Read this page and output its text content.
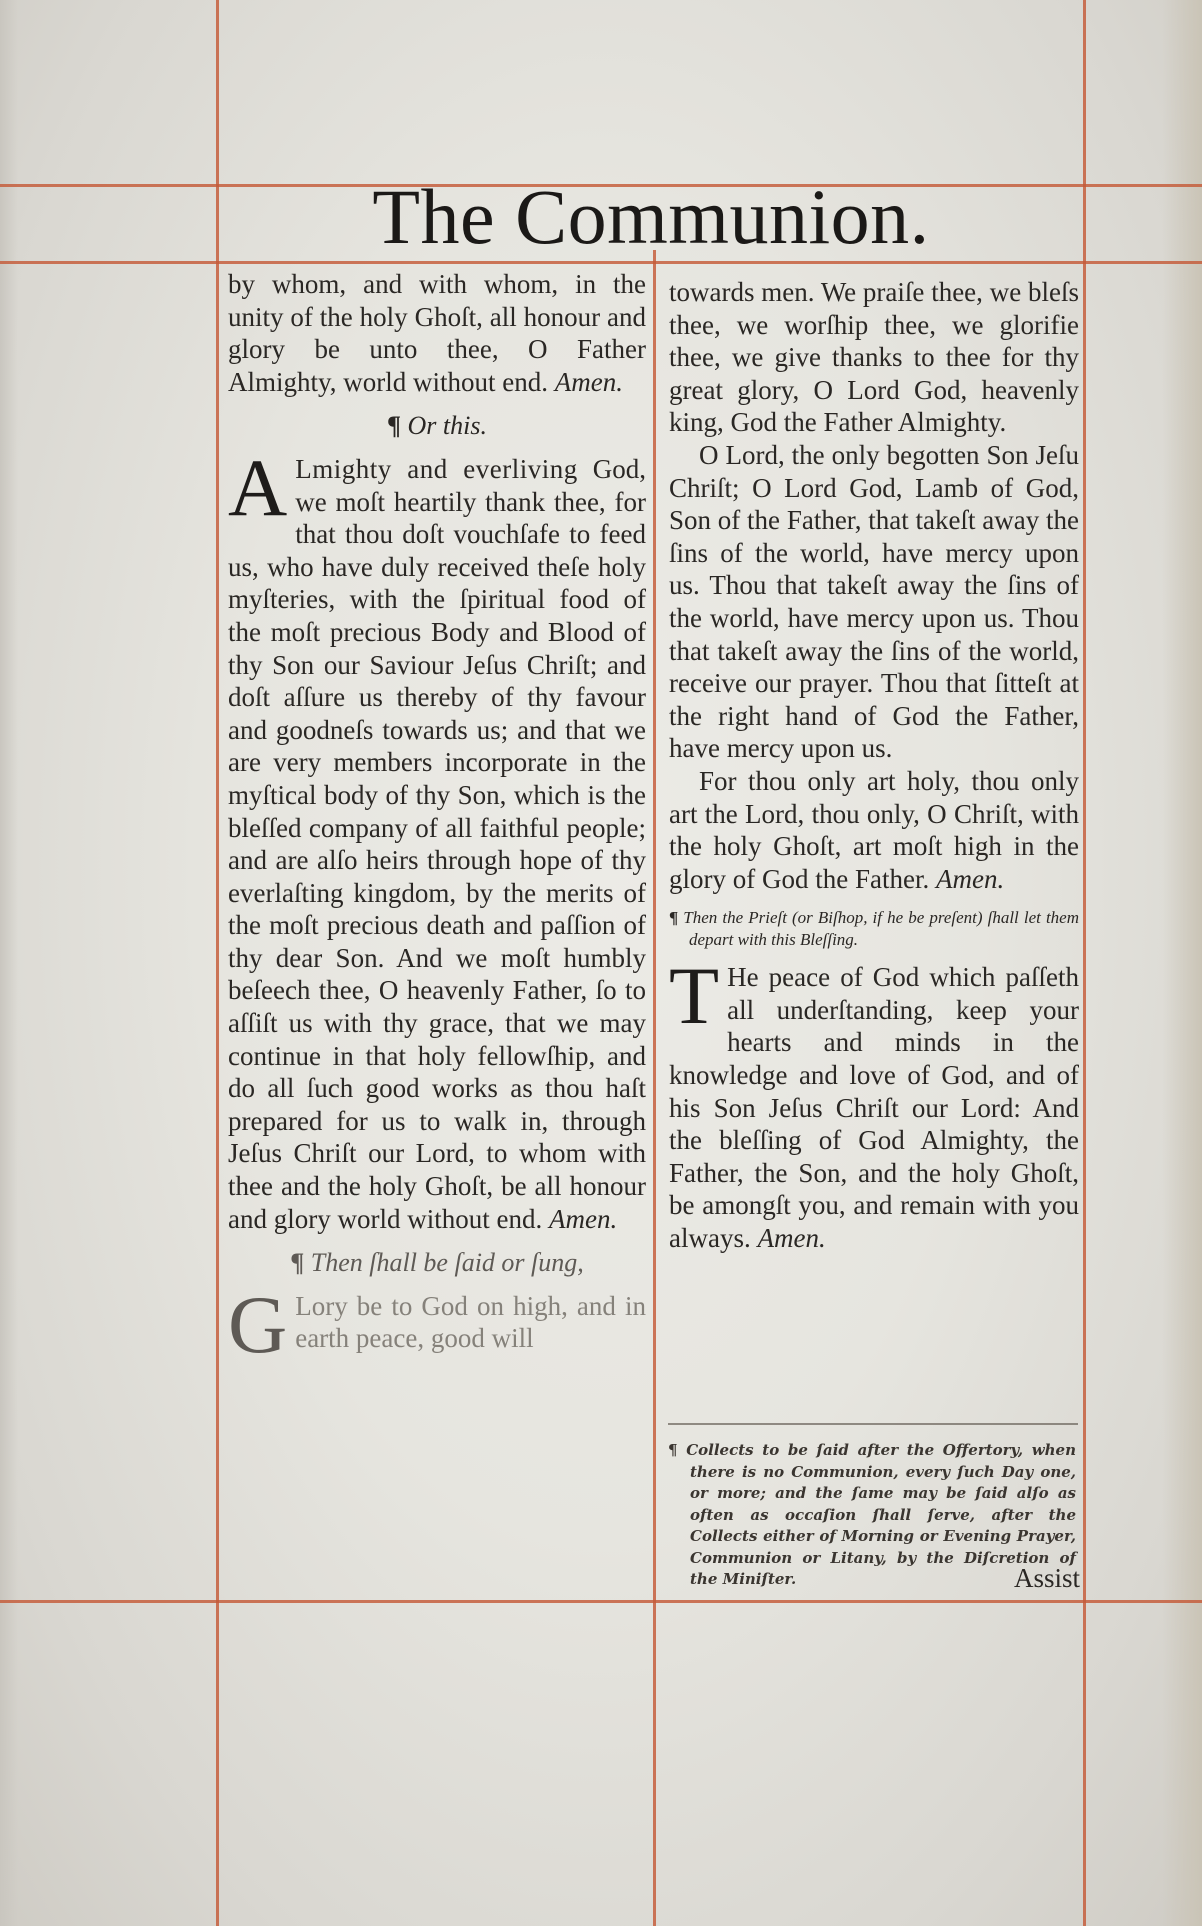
The Communion.

by whom, and with whom, in the unity of the holy Ghoſt, all honour and glory be unto thee, O Father Almighty, world without end. Amen.

¶ Or this.

A Lmighty and everliving God, we moſt heartily thank thee, for that thou doſt vouchſafe to feed us, who have duly received theſe holy myſteries, with the ſpiritual food of the moſt precious Body and Blood of thy Son our Saviour Jeſus Chriſt; and doſt aſſure us thereby of thy favour and goodneſs towards us; and that we are very members incorporate in the myſtical body of thy Son, which is the bleſſed company of all faithful people; and are alſo heirs through hope of thy everlaſting kingdom, by the merits of the moſt precious death and paſſion of thy dear Son. And we moſt humbly beſeech thee, O heavenly Father, ſo to aſſiſt us with thy grace, that we may continue in that holy fellowſhip, and do all ſuch good works as thou haſt prepared for us to walk in, through Jeſus Chriſt our Lord, to whom with thee and the holy Ghoſt, be all honour and glory world without end. Amen.

¶ Then ſhall be ſaid or ſung,

G Lory be to God on high, and in earth peace, good will

towards men. We praiſe thee, we bleſs thee, we worſhip thee, we glorifie thee, we give thanks to thee for thy great glory, O Lord God, heavenly king, God the Father Almighty.

O Lord, the only begotten Son Jeſu Chriſt; O Lord God, Lamb of God, Son of the Father, that takeſt away the ſins of the world, have mercy upon us. Thou that takeſt away the ſins of the world, have mercy upon us. Thou that takeſt away the ſins of the world, receive our prayer. Thou that ſitteſt at the right hand of God the Father, have mercy upon us.

For thou only art holy, thou only art the Lord, thou only, O Chriſt, with the holy Ghoſt, art moſt high in the glory of God the Father. Amen.

¶ Then the Prieſt (or Biſhop, if he be preſent) ſhall let them depart with this Bleſſing.

T He peace of God which paſſeth all underſtanding, keep your hearts and minds in the knowledge and love of God, and of his Son Jeſus Chriſt our Lord: And the bleſſing of God Almighty, the Father, the Son, and the holy Ghoſt, be amongſt you, and remain with you always. Amen.

¶ Collects to be ſaid after the Offertory, when there is no Communion, every ſuch Day one, or more; and the ſame may be ſaid alſo as often as occaſion ſhall ſerve, after the Collects either of Morning or Evening Prayer, Communion or Litany, by the Diſcretion of the Miniſter.	Assist
